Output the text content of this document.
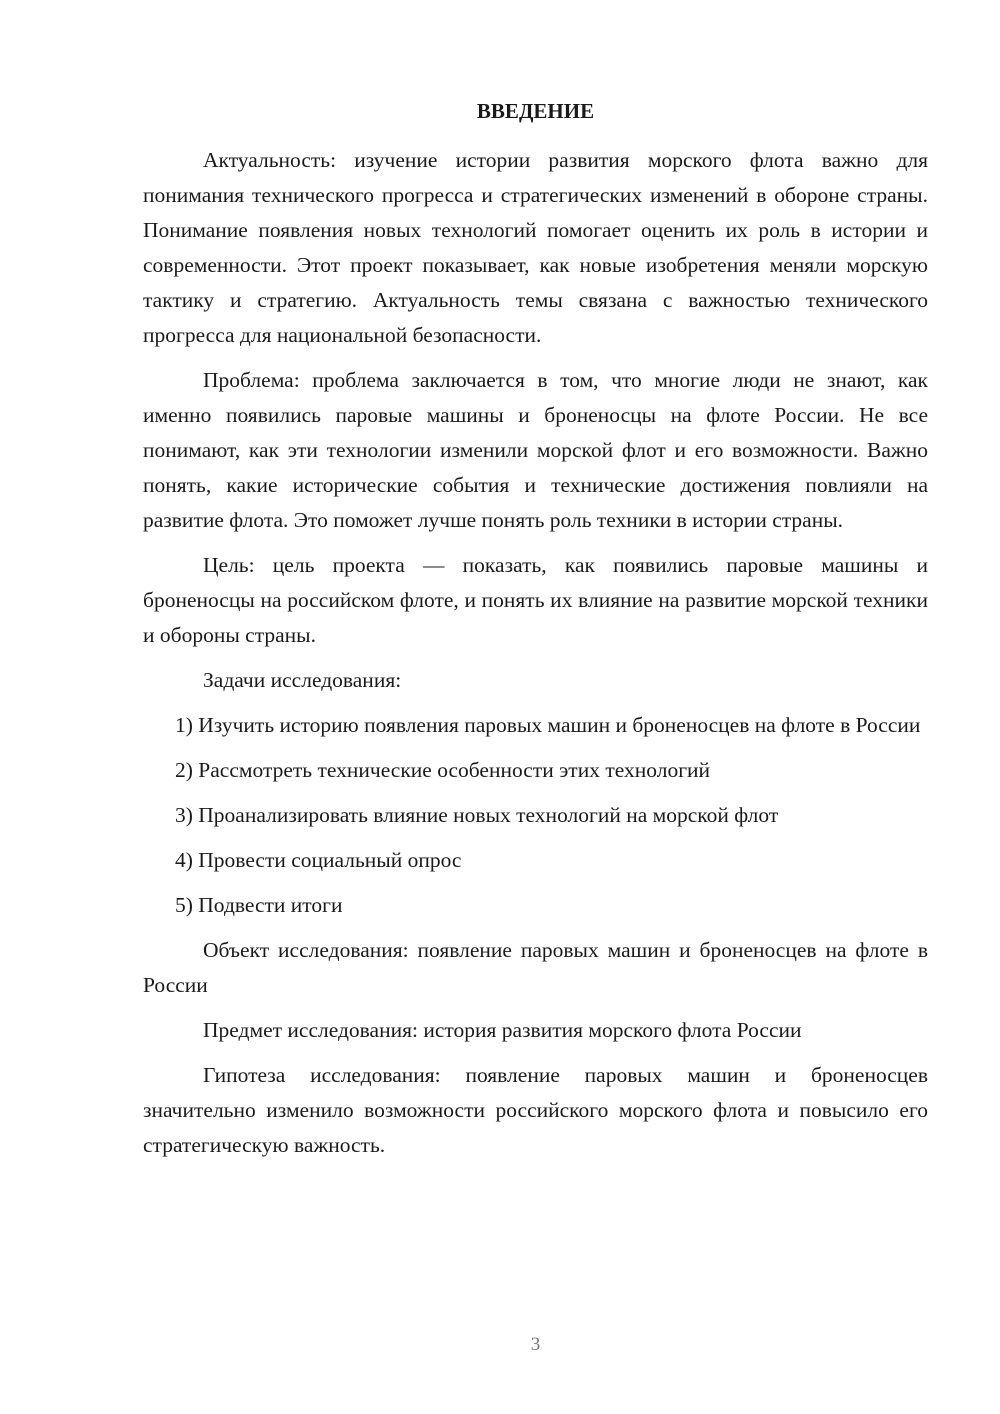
ВВЕДЕНИЕ

Актуальность: изучение истории развития морского флота важно для понимания технического прогресса и стратегических изменений в обороне страны. Понимание появления новых технологий помогает оценить их роль в истории и современности. Этот проект показывает, как новые изобретения меняли морскую тактику и стратегию. Актуальность темы связана с важностью технического прогресса для национальной безопасности.

Проблема: проблема заключается в том, что многие люди не знают, как именно появились паровые машины и броненосцы на флоте России. Не все понимают, как эти технологии изменили морской флот и его возможности. Важно понять, какие исторические события и технические достижения повлияли на развитие флота. Это поможет лучше понять роль техники в истории страны.

Цель: цель проекта — показать, как появились паровые машины и броненосцы на российском флоте, и понять их влияние на развитие морской техники и обороны страны.

Задачи исследования:

1) Изучить историю появления паровых машин и броненосцев на флоте в России

2) Рассмотреть технические особенности этих технологий

3) Проанализировать влияние новых технологий на морской флот

4) Провести социальный опрос

5) Подвести итоги

Объект исследования: появление паровых машин и броненосцев на флоте в России

Предмет исследования: история развития морского флота России

Гипотеза исследования: появление паровых машин и броненосцев значительно изменило возможности российского морского флота и повысило его стратегическую важность.

3
